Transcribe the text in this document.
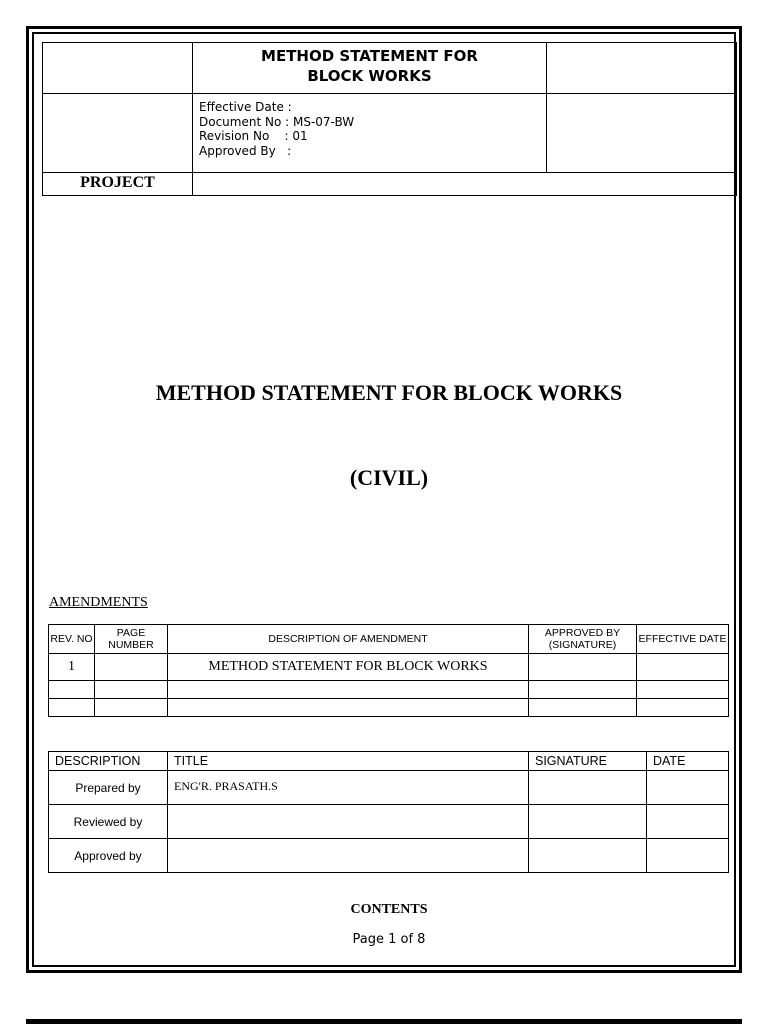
	METHOD STATEMENT FOR
BLOCK WORKS	

	Effective Date :
Document No : MS-07-BW
Revision No    : 01
Approved By   :	

PROJECT		
METHOD STATEMENT FOR BLOCK WORKS
(CIVIL)
AMENDMENTS
REV. NO	PAGE NUMBER	DESCRIPTION OF AMENDMENT	APPROVED BY (SIGNATURE)	EFFECTIVE DATE
1		METHOD STATEMENT FOR BLOCK WORKS		

DESCRIPTION	TITLE	SIGNATURE	DATE
Prepared by	ENG'R. PRASATH.S		
Reviewed by			
Approved by			
CONTENTS
Page 1 of 8
